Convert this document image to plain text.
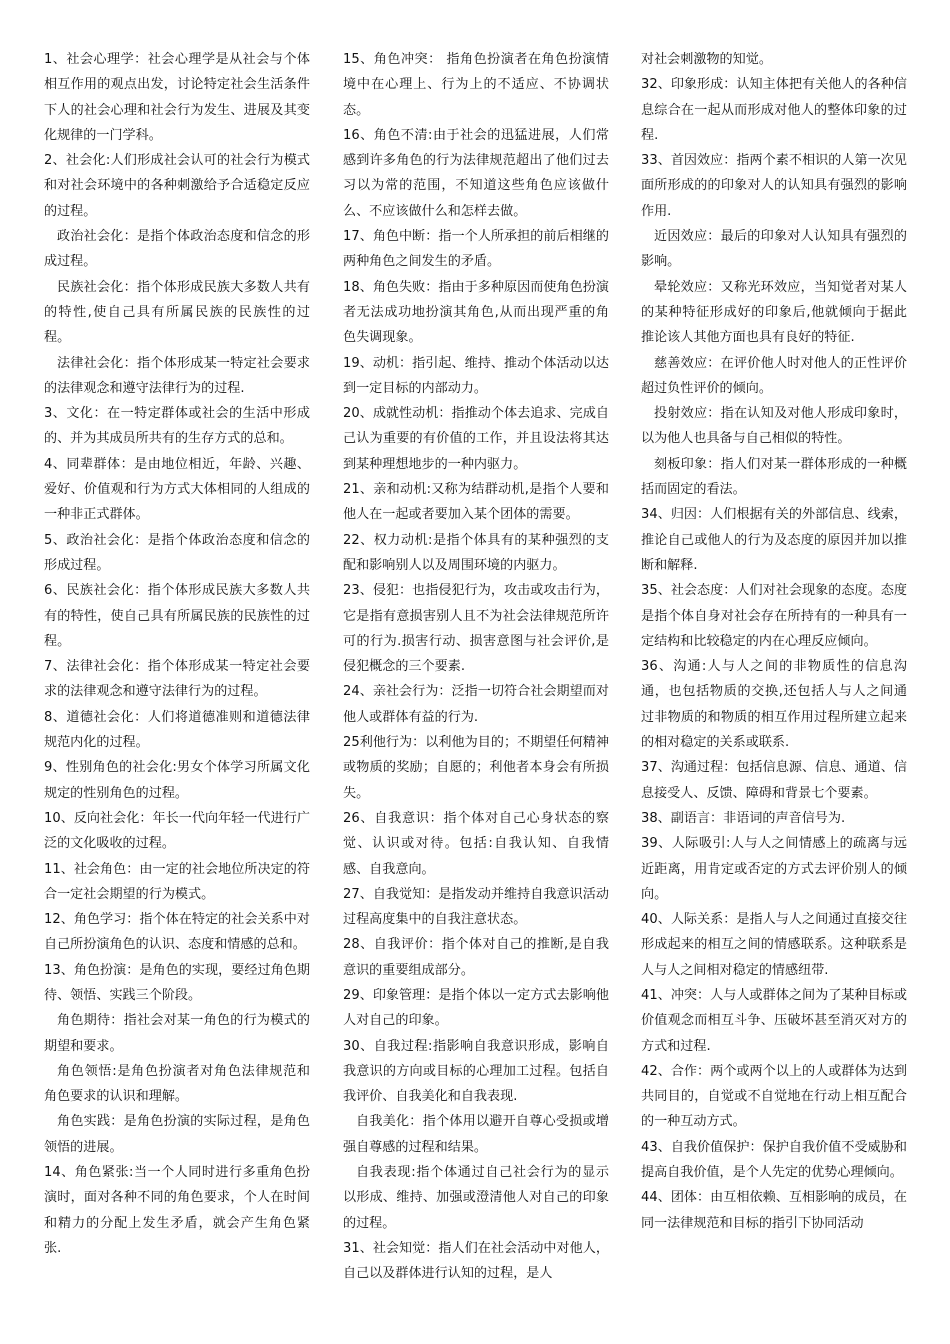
1、社会心理学：社会心理学是从社会与个体相互作用的观点出发，讨论特定社会生活条件下人的社会心理和社会行为发生、进展及其变化规律的一门学科。

2、社会化:人们形成社会认可的社会行为模式和对社会环境中的各种刺激给予合适稳定反应的过程。

政治社会化：是指个体政治态度和信念的形成过程。

民族社会化：指个体形成民族大多数人共有的特性,使自己具有所属民族的民族性的过程。

法律社会化：指个体形成某一特定社会要求的法律观念和遵守法律行为的过程.

3、文化：在一特定群体或社会的生活中形成的、并为其成员所共有的生存方式的总和。

4、同辈群体：是由地位相近，年龄、兴趣、爱好、价值观和行为方式大体相同的人组成的一种非正式群体。

5、政治社会化：是指个体政治态度和信念的形成过程。

6、民族社会化：指个体形成民族大多数人共有的特性，使自己具有所属民族的民族性的过程。

7、法律社会化：指个体形成某一特定社会要求的法律观念和遵守法律行为的过程。

8、道德社会化：人们将道德准则和道德法律规范内化的过程。

9、性别角色的社会化:男女个体学习所属文化规定的性别角色的过程。

10、反向社会化：年长一代向年轻一代进行广泛的文化吸收的过程。

11、社会角色：由一定的社会地位所决定的符合一定社会期望的行为模式。

12、角色学习：指个体在特定的社会关系中对自己所扮演角色的认识、态度和情感的总和。

13、角色扮演：是角色的实现，要经过角色期待、领悟、实践三个阶段。

角色期待：指社会对某一角色的行为模式的期望和要求。

角色领悟:是角色扮演者对角色法律规范和角色要求的认识和理解。

角色实践：是角色扮演的实际过程，是角色领悟的进展。

14、角色紧张:当一个人同时进行多重角色扮演时，面对各种不同的角色要求，个人在时间和精力的分配上发生矛盾，就会产生角色紧张.

15、角色冲突： 指角色扮演者在角色扮演情境中在心理上、行为上的不适应、不协调状态。

16、角色不清:由于社会的迅猛进展，人们常感到许多角色的行为法律规范超出了他们过去习以为常的范围，不知道这些角色应该做什么、不应该做什么和怎样去做。

17、角色中断：指一个人所承担的前后相继的两种角色之间发生的矛盾。

18、角色失败：指由于多种原因而使角色扮演者无法成功地扮演其角色,从而出现严重的角色失调现象。

19、动机：指引起、维持、推动个体活动以达到一定目标的内部动力。

20、成就性动机：指推动个体去追求、完成自己认为重要的有价值的工作，并且设法将其达到某种理想地步的一种内驱力。

21、亲和动机:又称为结群动机,是指个人要和他人在一起或者要加入某个团体的需要。

22、权力动机:是指个体具有的某种强烈的支配和影响别人以及周围环境的内驱力。

23、侵犯：也指侵犯行为，攻击或攻击行为，它是指有意损害别人且不为社会法律规范所许可的行为.损害行动、损害意图与社会评价,是侵犯概念的三个要素.

24、亲社会行为：泛指一切符合社会期望而对他人或群体有益的行为.

25利他行为：以利他为目的；不期望任何精神或物质的奖励；自愿的；利他者本身会有所损失。

26、自我意识：指个体对自己心身状态的察觉、认识或对待。包括:自我认知、自我情感、自我意向。

27、自我觉知：是指发动并维持自我意识活动过程高度集中的自我注意状态。

28、自我评价：指个体对自己的推断,是自我意识的重要组成部分。

29、印象管理：是指个体以一定方式去影响他人对自己的印象。

30、自我过程:指影响自我意识形成，影响自我意识的方向或目标的心理加工过程。包括自我评价、自我美化和自我表现.

自我美化：指个体用以避开自尊心受损或增强自尊感的过程和结果。

自我表现:指个体通过自己社会行为的显示以形成、维持、加强或澄清他人对自己的印象的过程。

31、社会知觉：指人们在社会活动中对他人，自己以及群体进行认知的过程，是人

对社会刺激物的知觉。

32、印象形成：认知主体把有关他人的各种信息综合在一起从而形成对他人的整体印象的过程.

33、首因效应：指两个素不相识的人第一次见面所形成的的印象对人的认知具有强烈的影响作用.

近因效应：最后的印象对人认知具有强烈的影响。

晕轮效应：又称光环效应，当知觉者对某人的某种特征形成好的印象后,他就倾向于据此推论该人其他方面也具有良好的特征.

慈善效应：在评价他人时对他人的正性评价超过负性评价的倾向。

投射效应：指在认知及对他人形成印象时，以为他人也具备与自己相似的特性。

刻板印象：指人们对某一群体形成的一种概括而固定的看法。

34、归因：人们根据有关的外部信息、线索，推论自己或他人的行为及态度的原因并加以推断和解释.

35、社会态度：人们对社会现象的态度。态度是指个体自身对社会存在所持有的一种具有一定结构和比较稳定的内在心理反应倾向。

36、沟通:人与人之间的非物质性的信息沟通，也包括物质的交换,还包括人与人之间通过非物质的和物质的相互作用过程所建立起来的相对稳定的关系或联系.

37、沟通过程：包括信息源、信息、通道、信息接受人、反馈、障碍和背景七个要素。

38、副语言：非语词的声音信号为.

39、人际吸引:人与人之间情感上的疏离与远近距离，用肯定或否定的方式去评价别人的倾向。

40、人际关系：是指人与人之间通过直接交往形成起来的相互之间的情感联系。这种联系是人与人之间相对稳定的情感纽带.

41、冲突：人与人或群体之间为了某种目标或价值观念而相互斗争、压破坏甚至消灭对方的方式和过程.

42、合作：两个或两个以上的人或群体为达到共同目的，自觉或不自觉地在行动上相互配合的一种互动方式。

43、自我价值保护：保护自我价值不受威胁和提高自我价值，是个人先定的优势心理倾向。

44、团体：由互相依赖、互相影响的成员，在同一法律规范和目标的指引下协同活动
